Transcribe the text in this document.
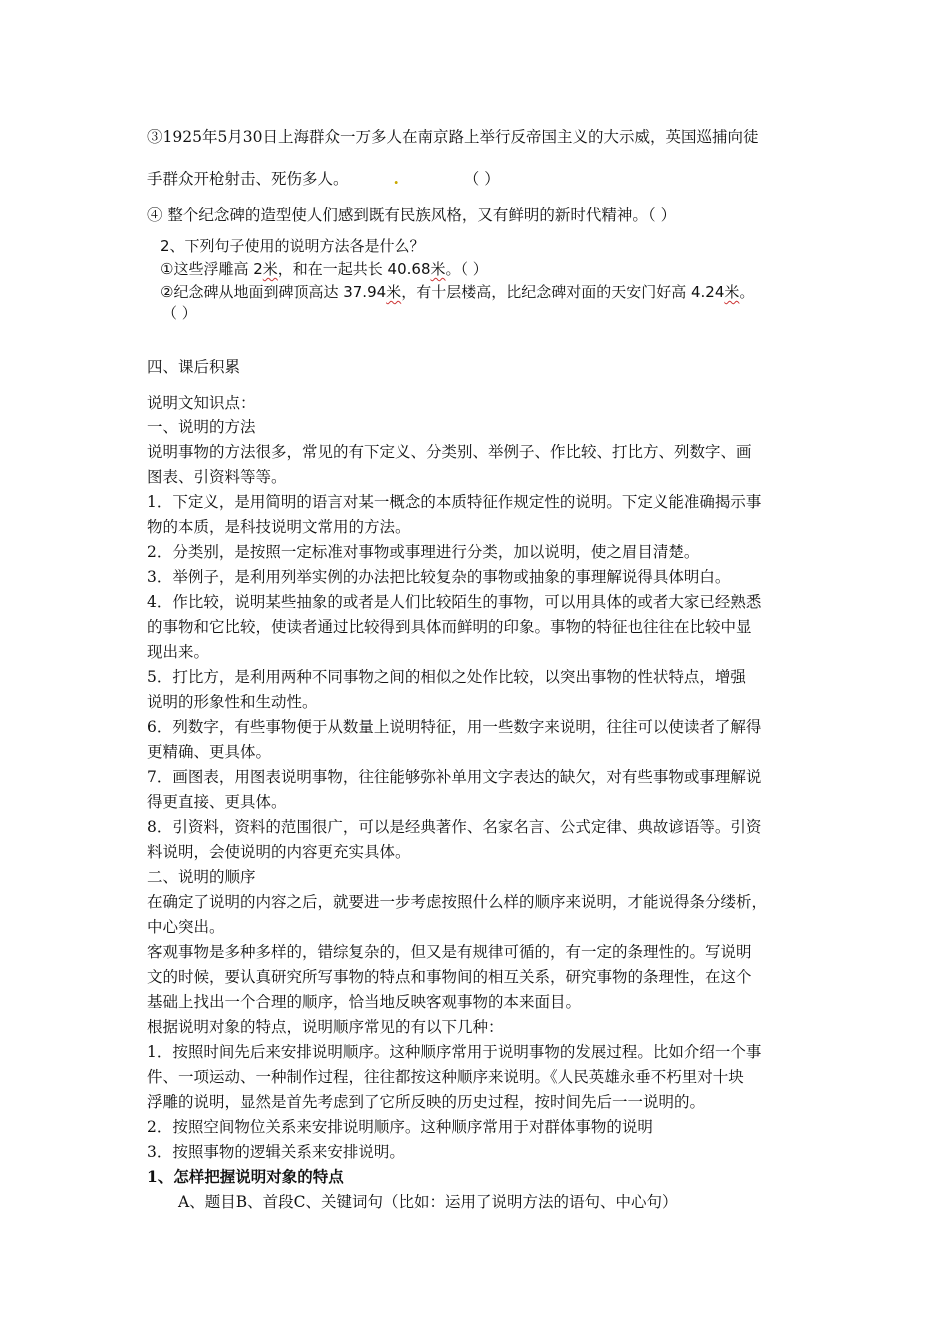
③1925年5月30日上海群众一万多人在南京路上举行反帝国主义的大示威，英国巡捕向徒
手群众开枪射击、死伤多人。	.	（ ）
④ 整个纪念碑的造型使人们感到既有民族风格，又有鲜明的新时代精神。（ ）
2、下列句子使用的说明方法各是什么？
①这些浮雕高 2米，和在一起共长 40.68米。（ ）
②纪念碑从地面到碑顶高达 37.94米，有十层楼高，比纪念碑对面的天安门好高 4.24米。
（ ）
四、课后积累
说明文知识点：
一、说明的方法
说明事物的方法很多，常见的有下定义、分类别、举例子、作比较、打比方、列数字、画
图表、引资料等等。
1．下定义，是用简明的语言对某一概念的本质特征作规定性的说明。下定义能准确揭示事
物的本质，是科技说明文常用的方法。
2．分类别，是按照一定标准对事物或事理进行分类，加以说明，使之眉目清楚。
3．举例子，是利用列举实例的办法把比较复杂的事物或抽象的事理解说得具体明白。
4．作比较，说明某些抽象的或者是人们比较陌生的事物，可以用具体的或者大家已经熟悉
的事物和它比较，使读者通过比较得到具体而鲜明的印象。事物的特征也往往在比较中显
现出来。
5．打比方，是利用两种不同事物之间的相似之处作比较，以突出事物的性状特点，增强
说明的形象性和生动性。
6．列数字，有些事物便于从数量上说明特征，用一些数字来说明，往往可以使读者了解得
更精确、更具体。
7．画图表，用图表说明事物，往往能够弥补单用文字表达的缺欠，对有些事物或事理解说
得更直接、更具体。
8．引资料，资料的范围很广，可以是经典著作、名家名言、公式定律、典故谚语等。引资
料说明，会使说明的内容更充实具体。
二、说明的顺序
在确定了说明的内容之后，就要进一步考虑按照什么样的顺序来说明，才能说得条分缕析，
中心突出。
客观事物是多种多样的，错综复杂的，但又是有规律可循的，有一定的条理性的。写说明
文的时候，要认真研究所写事物的特点和事物间的相互关系，研究事物的条理性，在这个
基础上找出一个合理的顺序，恰当地反映客观事物的本来面目。
根据说明对象的特点，说明顺序常见的有以下几种：
1．按照时间先后来安排说明顺序。这种顺序常用于说明事物的发展过程。比如介绍一个事
件、一项运动、一种制作过程，往往都按这种顺序来说明。《人民英雄永垂不朽里对十块
浮雕的说明，显然是首先考虑到了它所反映的历史过程，按时间先后一一说明的。
2．按照空间物位关系来安排说明顺序。这种顺序常用于对群体事物的说明
3．按照事物的逻辑关系来安排说明。
1、怎样把握说明对象的特点
A、题目B、首段C、关键词句（比如：运用了说明方法的语句、中心句）
